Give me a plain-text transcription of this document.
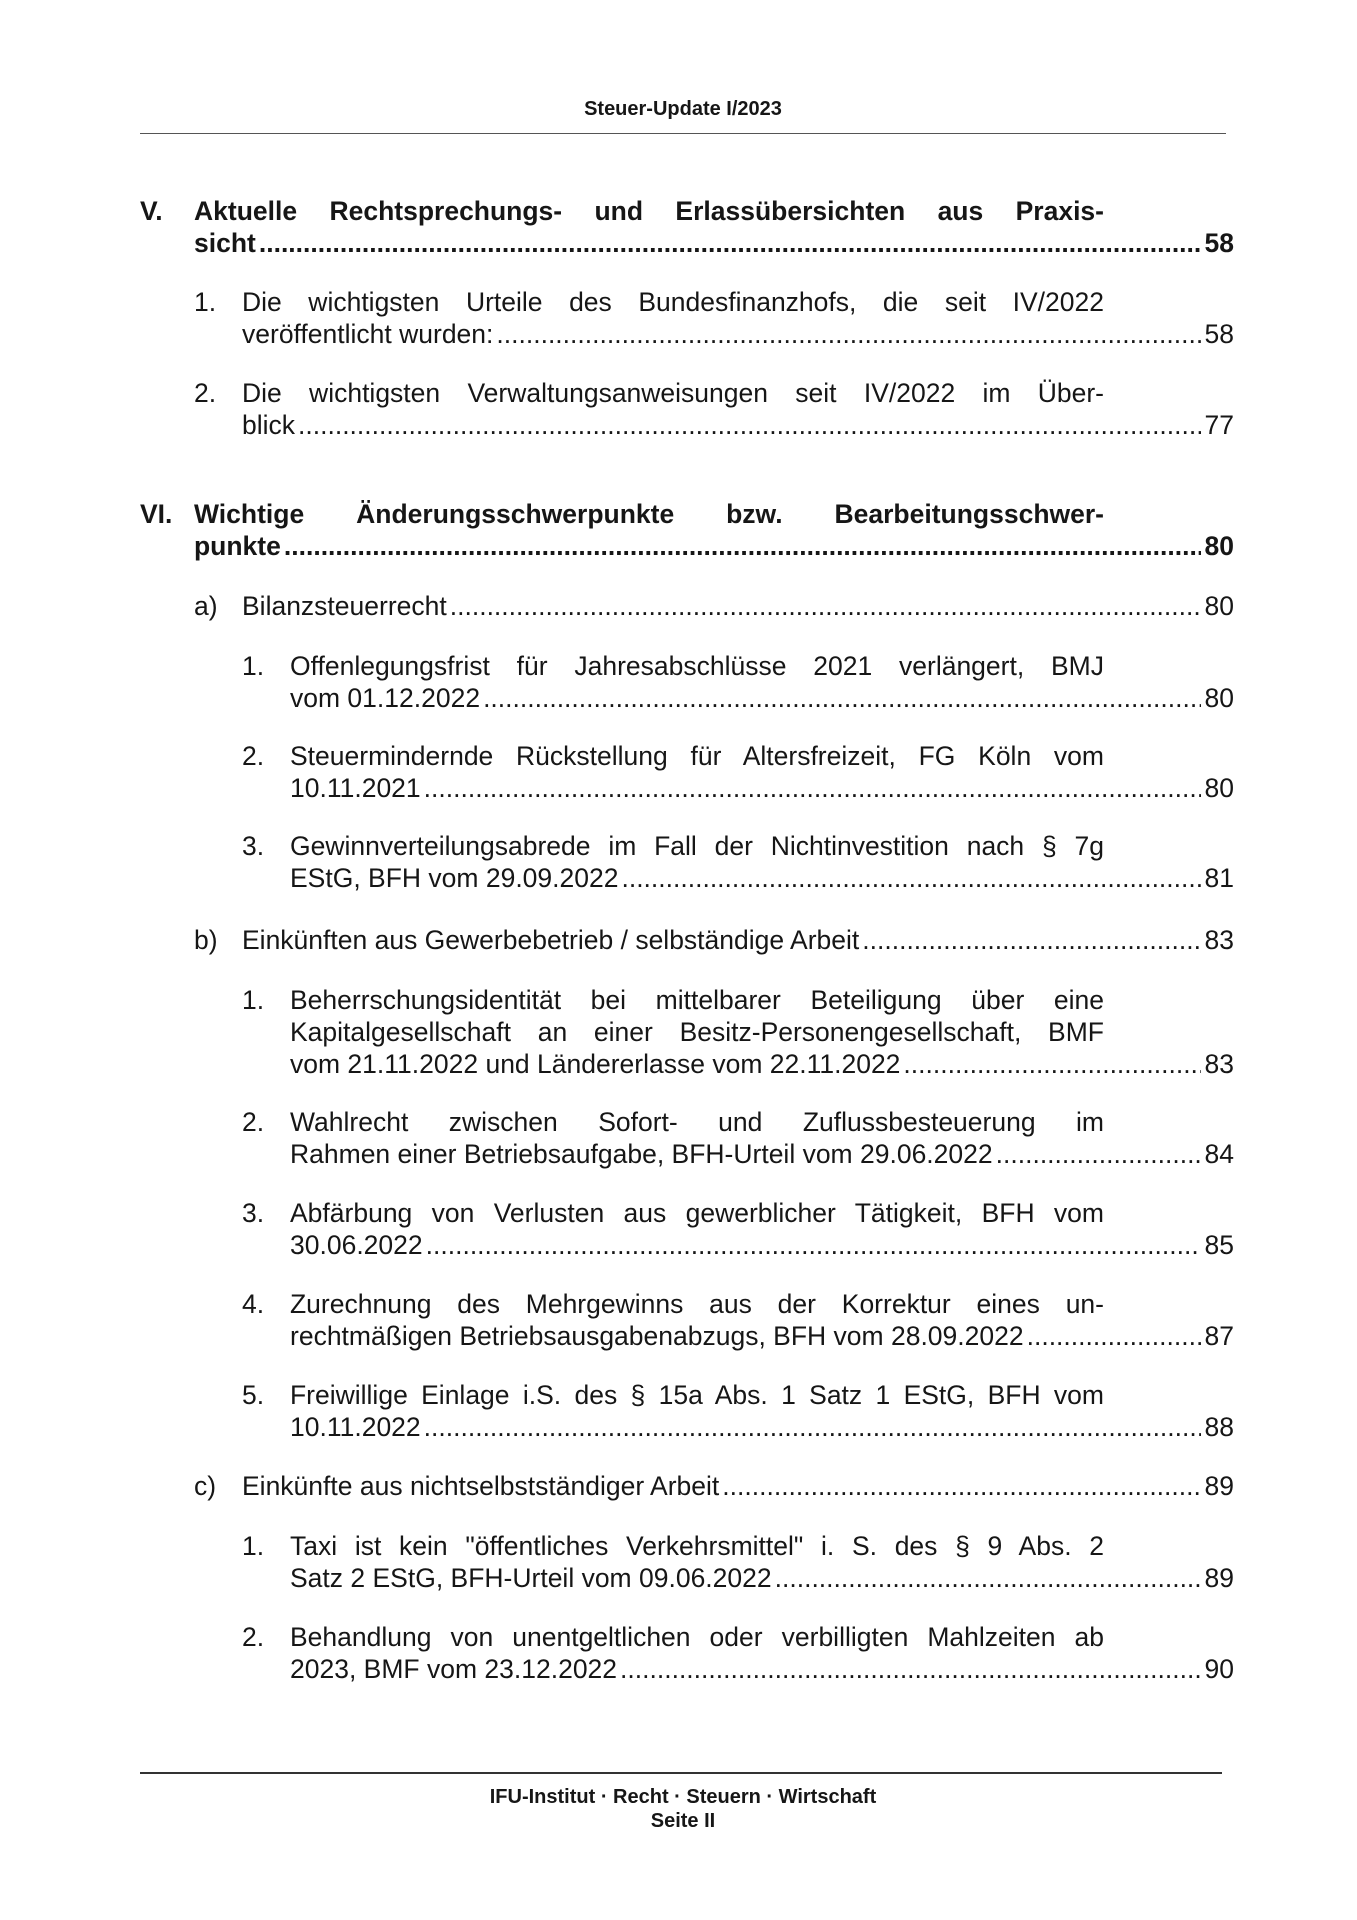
Steuer-Update I/2023
V. Aktuelle Rechtsprechungs- und Erlassübersichten aus Praxis-
sicht .....	58
1. Die wichtigsten Urteile des Bundesfinanzhofs, die seit IV/2022
veröffentlicht wurden: .....	58
2. Die wichtigsten Verwaltungsanweisungen seit IV/2022 im Über-
blick .....	77
VI. Wichtige Änderungsschwerpunkte bzw. Bearbeitungsschwer-
punkte .....	80
a) Bilanzsteuerrecht .....	80
1. Offenlegungsfrist für Jahresabschlüsse 2021 verlängert, BMJ
vom 01.12.2022 .....	80
2. Steuermindernde Rückstellung für Altersfreizeit, FG Köln vom
10.11.2021 .....	80
3. Gewinnverteilungsabrede im Fall der Nichtinvestition nach § 7g
EStG, BFH vom 29.09.2022 .....	81
b) Einkünften aus Gewerbebetrieb / selbständige Arbeit .....	83
1. Beherrschungsidentität bei mittelbarer Beteiligung über eine
Kapitalgesellschaft an einer Besitz-Personengesellschaft, BMF
vom 21.11.2022 und Ländererlasse vom 22.11.2022 .....	83
2. Wahlrecht zwischen Sofort- und Zuflussbesteuerung im
Rahmen einer Betriebsaufgabe, BFH-Urteil vom 29.06.2022 .....	84
3. Abfärbung von Verlusten aus gewerblicher Tätigkeit, BFH vom
30.06.2022 .....	85
4. Zurechnung des Mehrgewinns aus der Korrektur eines un-
rechtmäßigen Betriebsausgabenabzugs, BFH vom 28.09.2022 .....	87
5. Freiwillige Einlage i.S. des § 15a Abs. 1 Satz 1 EStG, BFH vom
10.11.2022 .....	88
c) Einkünfte aus nichtselbstständiger Arbeit .....	89
1. Taxi ist kein "öffentliches Verkehrsmittel" i. S. des § 9 Abs. 2
Satz 2 EStG, BFH-Urteil vom 09.06.2022 .....	89
2. Behandlung von unentgeltlichen oder verbilligten Mahlzeiten ab
2023, BMF vom 23.12.2022 .....	90
IFU-Institut · Recht · Steuern · Wirtschaft
Seite II
